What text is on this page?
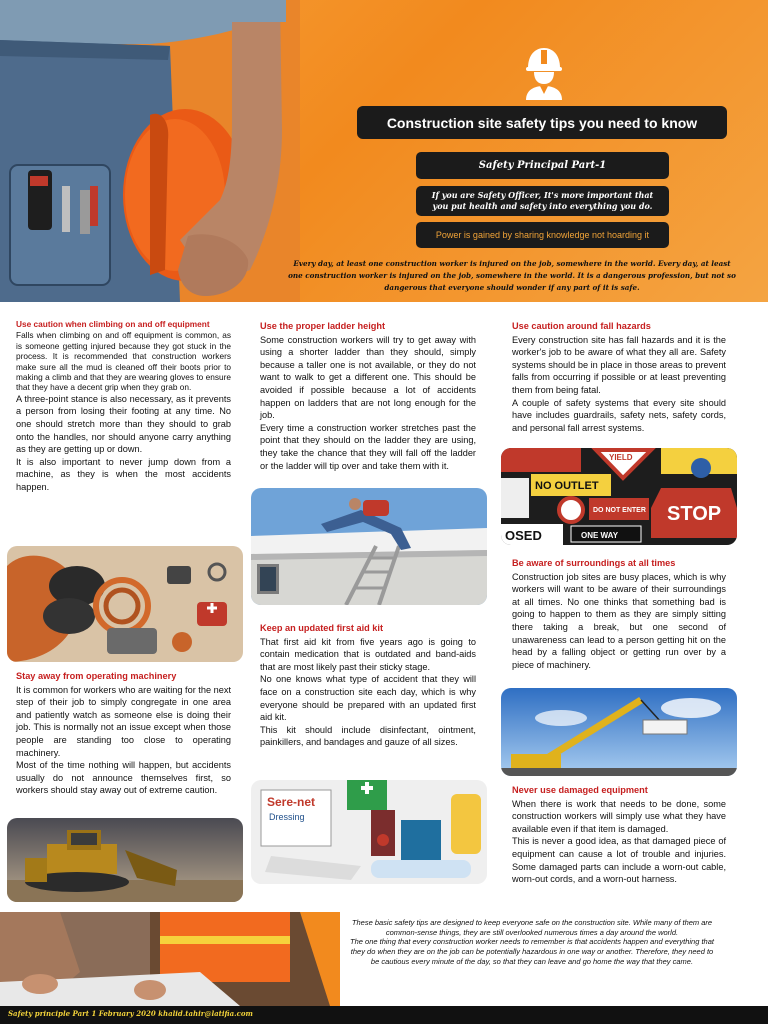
Construction site safety tips you need to know
Safety Principal Part-1
If you are Safety Officer, It's more important that you put health and safety into everything you do.
Power is gained by sharing knowledge not hoarding it
Every day, at least one construction worker is injured on the job, somewhere in the world. Every day, at least one construction worker is injured on the job, somewhere in the world. It is a dangerous profession, but not so dangerous that everyone should wonder if any part of it is safe.
Use caution when climbing on and off equipment

Falls when climbing on and off equipment is common, as is someone getting injured because they got stuck in the process. It is recommended that construction workers make sure all the mud is cleaned off their boots prior to making a climb and that they are wearing gloves to ensure that they have a decent grip when they grab on.

A three-point stance is also necessary, as it prevents a person from losing their footing at any time. No one should stretch more than they should to grab onto the handles, nor should anyone carry anything as they are getting up or down.

It is also important to never jump down from a machine, as they is when the most accidents happen.

Stay away from operating machinery

It is common for workers who are waiting for the next step of their job to simply congregate in one area and patiently watch as someone else is doing their job. This is normally not an issue except when those people are standing too close to operating machinery.

Most of the time nothing will happen, but accidents usually do not announce themselves first, so workers should stay away out of extreme caution.

Use the proper ladder height

Some construction workers will try to get away with using a shorter ladder than they should, simply because a taller one is not available, or they do not want to walk to get a different one. This should be avoided if possible because a lot of accidents happen on ladders that are not long enough for the job.

Every time a construction worker stretches past the point that they should on the ladder they are using, they take the chance that they will fall off the ladder or the ladder will tip over and take them with it.

Keep an updated first aid kit

That first aid kit from five years ago is going to contain medication that is outdated and band-aids that are most likely past their sticky stage.

No one knows what type of accident that they will face on a construction site each day, which is why everyone should be prepared with an updated first aid kit.

This kit should include disinfectant, ointment, painkillers, and bandages and gauze of all sizes.

Sere-net
Dressing
Use caution around fall hazards

Every construction site has fall hazards and it is the worker's job to be aware of what they all are. Safety systems should be in place in those areas to prevent falls from occurring if possible or at least preventing them from being fatal.

A couple of safety systems that every site should have includes guardrails, safety nets, safety cords, and personal fall arrest systems.

YIELD
NO OUTLET
DO NOT ENTER STOP
OSED	ONE WAY
Be aware of surroundings at all times

Construction job sites are busy places, which is why workers will want to be aware of their surroundings at all times. No one thinks that something bad is going to happen to them as they are simply sitting there taking a break, but one second of unawareness can lead to a person getting hit on the head by a falling object or getting run over by a piece of machinery.

Never use damaged equipment

When there is work that needs to be done, some construction workers will simply use what they have available even if that item is damaged.

This is never a good idea, as that damaged piece of equipment can cause a lot of trouble and injuries. Some damaged parts can include a worn-out cable, worn-out cords, and a worn-out harness.

These basic safety tips are designed to keep everyone safe on the construction site. While many of them are common-sense things, they are still overlooked numerous times a day around the world.

The one thing that every construction worker needs to remember is that accidents happen and everything that they do when they are on the job can be potentially hazardous in one way or another. Therefore, they need to be cautious every minute of the day, so that they can leave and go home the way that they came.

Safety principle Part 1 February 2020 khalid.tahir@latifia.com
